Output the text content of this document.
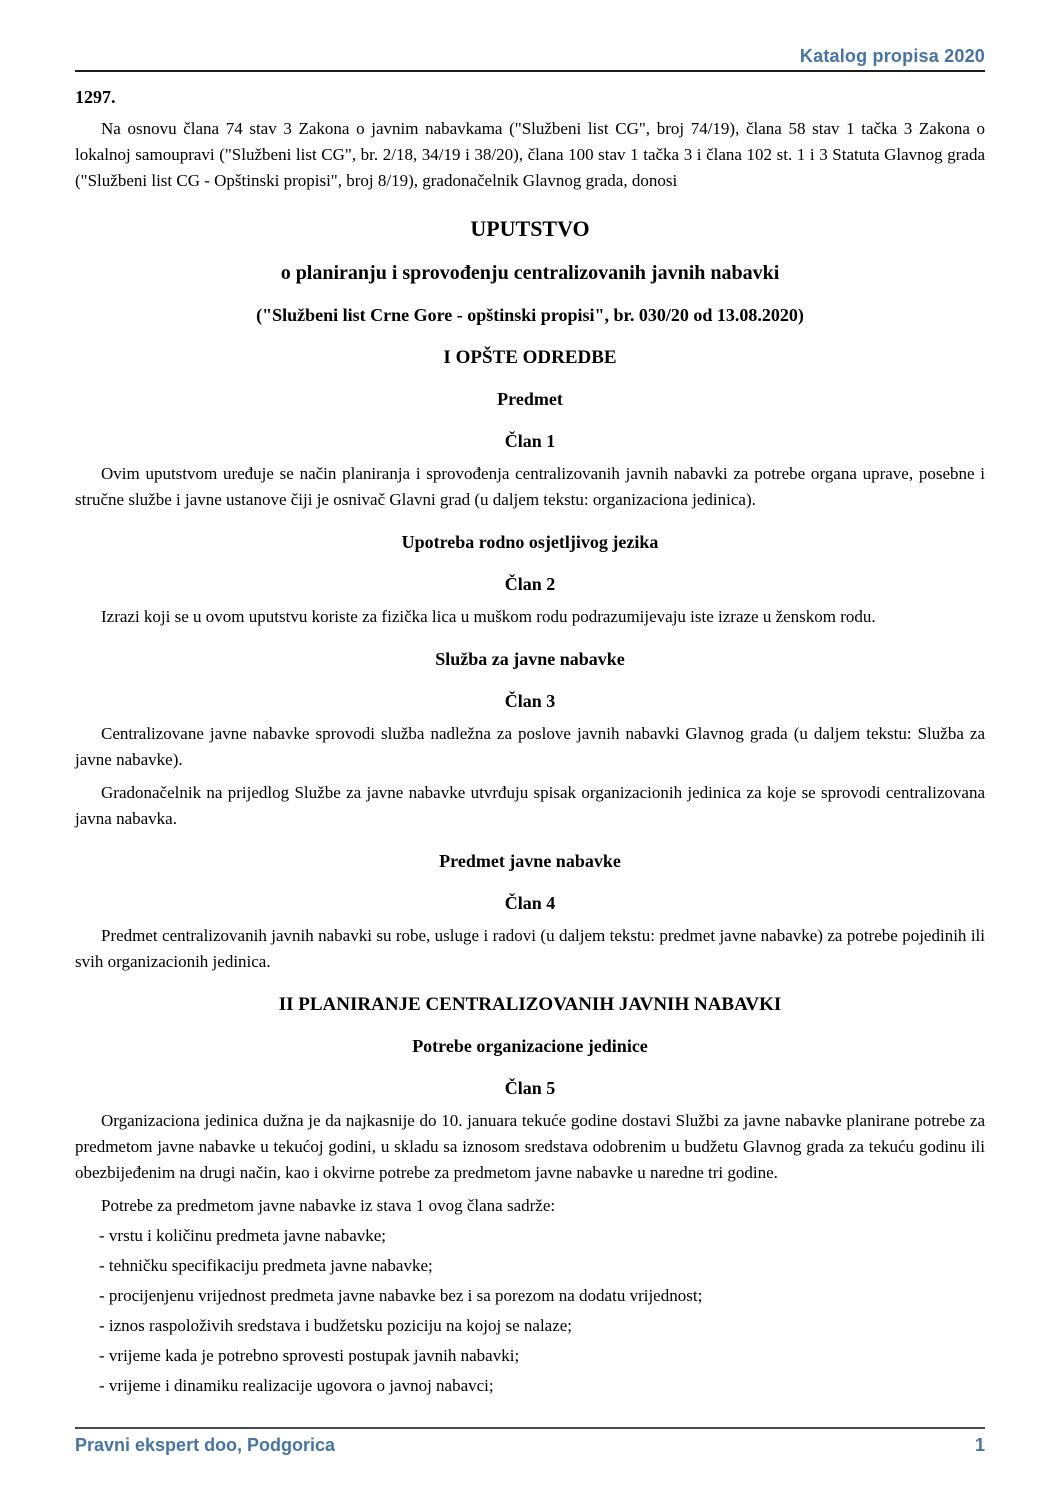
Katalog propisa 2020

1297.

Na osnovu člana 74 stav 3 Zakona o javnim nabavkama ("Službeni list CG", broj 74/19), člana 58 stav 1 tačka 3 Zakona o lokalnoj samoupravi ("Službeni list CG", br. 2/18, 34/19 i 38/20), člana 100 stav 1 tačka 3 i člana 102 st. 1 i 3 Statuta Glavnog grada ("Službeni list CG - Opštinski propisi", broj 8/19), gradonačelnik Glavnog grada, donosi

UPUTSTVO
o planiranju i sprovođenju centralizovanih javnih nabavki
("Službeni list Crne Gore - opštinski propisi", br. 030/20 od 13.08.2020)
I OPŠTE ODREDBE
Predmet
Član 1

Ovim uputstvom uređuje se način planiranja i sprovođenja centralizovanih javnih nabavki za potrebe organa uprave, posebne i stručne službe i javne ustanove čiji je osnivač Glavni grad (u daljem tekstu: organizaciona jedinica).

Upotreba rodno osjetljivog jezika
Član 2

Izrazi koji se u ovom uputstvu koriste za fizička lica u muškom rodu podrazumijevaju iste izraze u ženskom rodu.

Služba za javne nabavke
Član 3

Centralizovane javne nabavke sprovodi služba nadležna za poslove javnih nabavki Glavnog grada (u daljem tekstu: Služba za javne nabavke).

Gradonačelnik na prijedlog Službe za javne nabavke utvrđuju spisak organizacionih jedinica za koje se sprovodi centralizovana javna nabavka.

Predmet javne nabavke
Član 4

Predmet centralizovanih javnih nabavki su robe, usluge i radovi (u daljem tekstu: predmet javne nabavke) za potrebe pojedinih ili svih organizacionih jedinica.

II PLANIRANJE CENTRALIZOVANIH JAVNIH NABAVKI
Potrebe organizacione jedinice
Član 5

Organizaciona jedinica dužna je da najkasnije do 10. januara tekuće godine dostavi Službi za javne nabavke planirane potrebe za predmetom javne nabavke u tekućoj godini, u skladu sa iznosom sredstava odobrenim u budžetu Glavnog grada za tekuću godinu ili obezbijeđenim na drugi način, kao i okvirne potrebe za predmetom javne nabavke u naredne tri godine.

Potrebe za predmetom javne nabavke iz stava 1 ovog člana sadrže:

- vrstu i količinu predmeta javne nabavke;

- tehničku specifikaciju predmeta javne nabavke;

- procijenjenu vrijednost predmeta javne nabavke bez i sa porezom na dodatu vrijednost;

- iznos raspoloživih sredstava i budžetsku poziciju na kojoj se nalaze;

- vrijeme kada je potrebno sprovesti postupak javnih nabavki;

- vrijeme i dinamiku realizacije ugovora o javnoj nabavci;

Pravni ekspert doo, Podgorica	1
